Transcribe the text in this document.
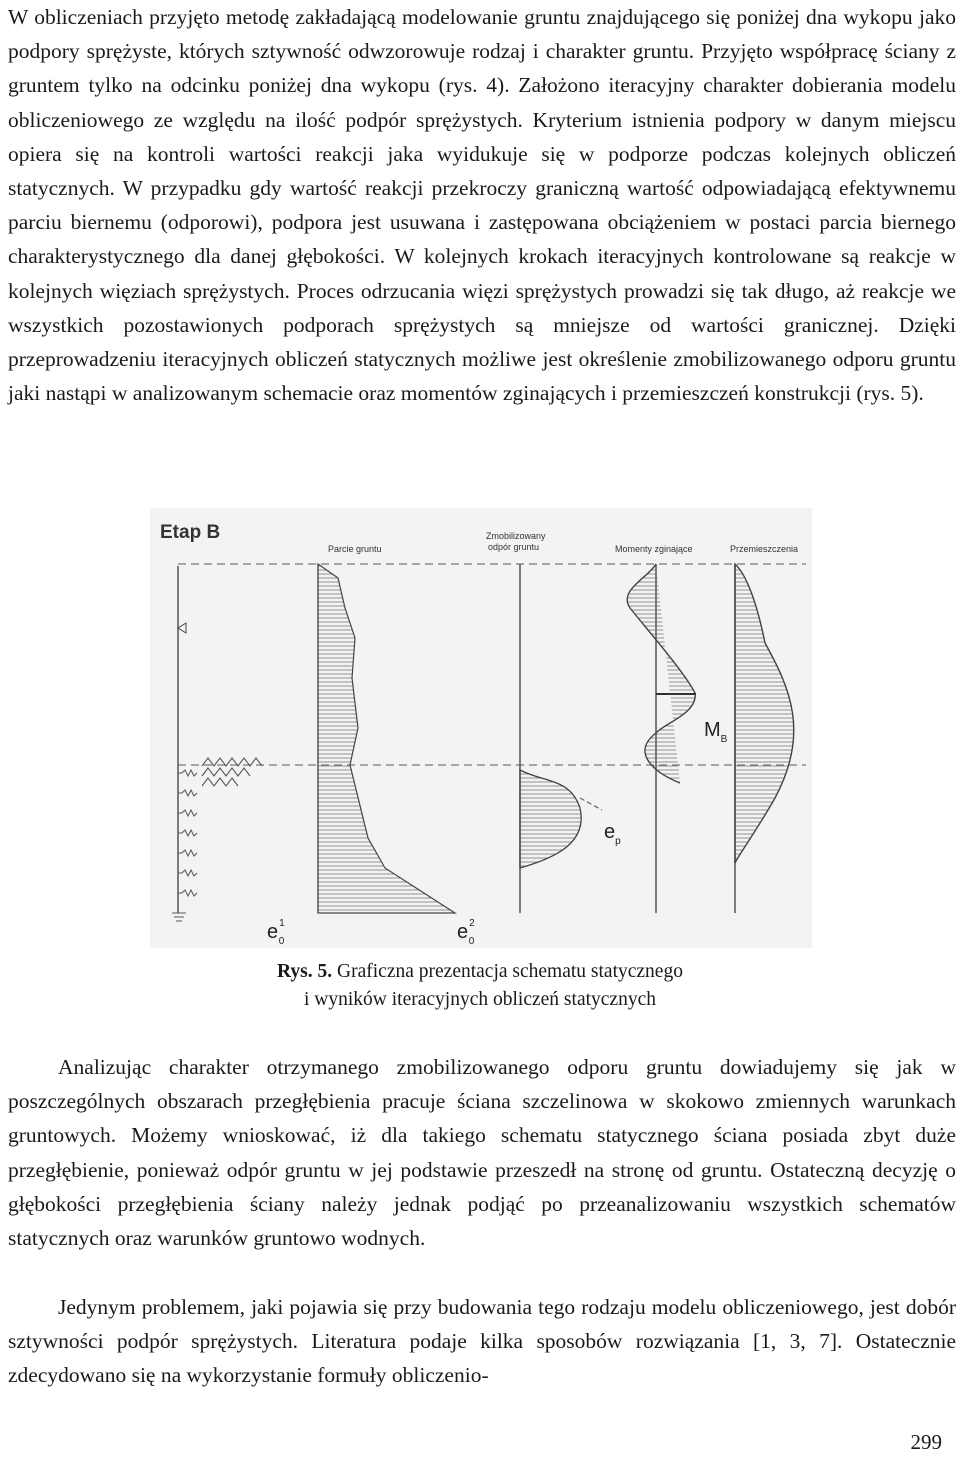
W obliczeniach przyjęto metodę zakładającą modelowanie gruntu znajdującego się poniżej dna wykopu jako podpory sprężyste, których sztywność odwzorowuje rodzaj i charakter gruntu. Przyjęto współpracę ściany z gruntem tylko na odcinku poniżej dna wykopu (rys. 4). Założono iteracyjny charakter dobierania modelu obliczeniowego ze względu na ilość podpór sprężystych. Kryterium istnienia podpory w danym miejscu opiera się na kontroli wartości reakcji jaka wyidukuje się w podporze podczas kolejnych obliczeń statycznych. W przypadku gdy wartość reakcji przekroczy graniczną wartość odpowiadającą efektywnemu parciu biernemu (odporowi), podpora jest usuwana i zastępowana obciążeniem w postaci parcia biernego charakterystycznego dla danej głębokości. W kolejnych krokach iteracyjnych kontrolowane są reakcje w kolejnych więziach sprężystych. Proces odrzucania więzi sprężystych prowadzi się tak długo, aż reakcje we wszystkich pozostawionych podporach sprężystych są mniejsze od wartości granicznej. Dzięki przeprowadzeniu iteracyjnych obliczeń statycznych możliwe jest określenie zmobilizowanego odporu gruntu jaki nastąpi w analizowanym schemacie oraz momentów zginających i przemieszczeń konstrukcji (rys. 5).

Etap B
Parcie gruntu
Zmobilizowany
odpór gruntu	Momenty zginające	Przemieszczenia
$M_B$
$e_p$
$e^1$ 0	$e^2$ 0
Rys. 5. Graficzna prezentacja schematu statycznego
i wyników iteracyjnych obliczeń statycznych

Analizując charakter otrzymanego zmobilizowanego odporu gruntu dowiadujemy się jak w poszczególnych obszarach przegłębienia pracuje ściana szczelinowa w skokowo zmiennych warunkach gruntowych. Możemy wnioskować, iż dla takiego schematu statycznego ściana posiada zbyt duże przegłębienie, ponieważ odpór gruntu w jej podstawie przeszedł na stronę od gruntu. Ostateczną decyzję o głębokości przegłębienia ściany należy jednak podjąć po przeanalizowaniu wszystkich schematów statycznych oraz warunków gruntowo wodnych.

Jedynym problemem, jaki pojawia się przy budowania tego rodzaju modelu obliczeniowego, jest dobór sztywności podpór sprężystych. Literatura podaje kilka sposobów rozwiązania [1, 3, 7]. Ostatecznie zdecydowano się na wykorzystanie formuły obliczenio-

299
